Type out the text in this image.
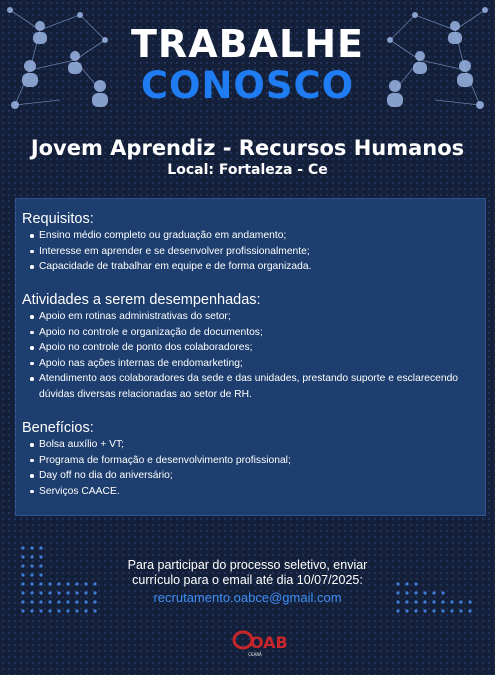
TRABALHE
CONOSCO
Jovem Aprendiz - Recursos Humanos
Local: Fortaleza - Ce
Requisitos:
Ensino médio completo ou graduação em andamento;
Interesse em aprender e se desenvolver profissionalmente;
Capacidade de trabalhar em equipe e de forma organizada.
Atividades a serem desempenhadas:
Apoio em rotinas administrativas do setor;
Apoio no controle e organização de documentos;
Apoio no controle de ponto dos colaboradores;
Apoio nas ações internas de endomarketing;
Atendimento aos colaboradores da sede e das unidades, prestando suporte e esclarecendo dúvidas diversas relacionadas ao setor de RH.
Benefícios:
Bolsa auxílio + VT;
Programa de formação e desenvolvimento profissional;
Day off no dia do aniversário;
Serviços CAACE.
Para participar do processo seletivo, enviar
currículo para o email até dia 10/07/2025:
recrutamento.oabce@gmail.com
OAB
CEARÁ
